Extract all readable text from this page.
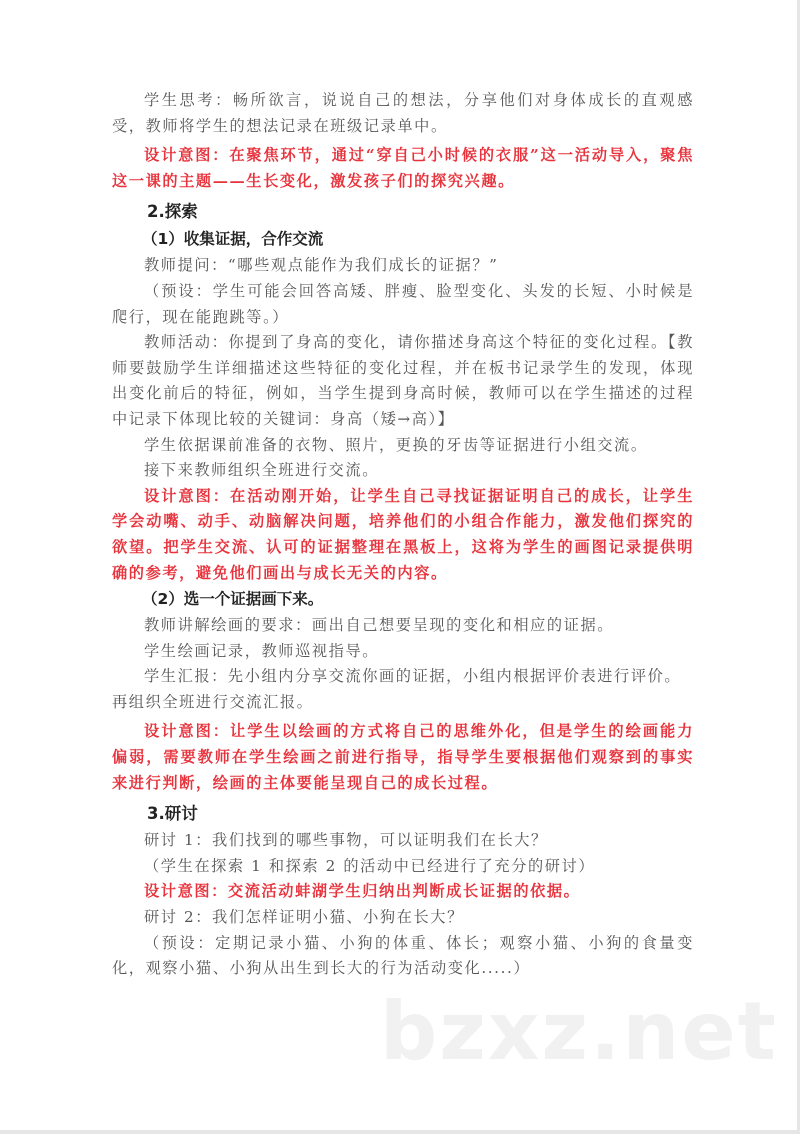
学生思考：畅所欲言，说说自己的想法，分享他们对身体成长的直观感受，教师将学生的想法记录在班级记录单中。

设计意图：在聚焦环节，通过“穿自己小时候的衣服”这一活动导入，聚焦这一课的主题——生长变化，激发孩子们的探究兴趣。

2.探索
（1）收集证据，合作交流

教师提问：“哪些观点能作为我们成长的证据？”

（预设：学生可能会回答高矮、胖瘦、脸型变化、头发的长短、小时候是爬行，现在能跑跳等。）

教师活动：你提到了身高的变化，请你描述身高这个特征的变化过程。【教师要鼓励学生详细描述这些特征的变化过程，并在板书记录学生的发现，体现出变化前后的特征，例如，当学生提到身高时候，教师可以在学生描述的过程中记录下体现比较的关键词：身高（矮→高）】

学生依据课前准备的衣物、照片，更换的牙齿等证据进行小组交流。

接下来教师组织全班进行交流。

设计意图：在活动刚开始，让学生自己寻找证据证明自己的成长，让学生学会动嘴、动手、动脑解决问题，培养他们的小组合作能力，激发他们探究的欲望。把学生交流、认可的证据整理在黑板上，这将为学生的画图记录提供明确的参考，避免他们画出与成长无关的内容。

（2）选一个证据画下来。

教师讲解绘画的要求：画出自己想要呈现的变化和相应的证据。

学生绘画记录，教师巡视指导。

学生汇报：先小组内分享交流你画的证据，小组内根据评价表进行评价。

再组织全班进行交流汇报。

设计意图：让学生以绘画的方式将自己的思维外化，但是学生的绘画能力偏弱，需要教师在学生绘画之前进行指导，指导学生要根据他们观察到的事实来进行判断，绘画的主体要能呈现自己的成长过程。

3.研讨

研讨 1：我们找到的哪些事物，可以证明我们在长大？

（学生在探索 1 和探索 2 的活动中已经进行了充分的研讨）

设计意图：交流活动蚌湖学生归纳出判断成长证据的依据。

研讨 2：我们怎样证明小猫、小狗在长大？

（预设：定期记录小猫、小狗的体重、体长；观察小猫、小狗的食量变化，观察小猫、小狗从出生到长大的行为活动变化.....）

bzxz.net
